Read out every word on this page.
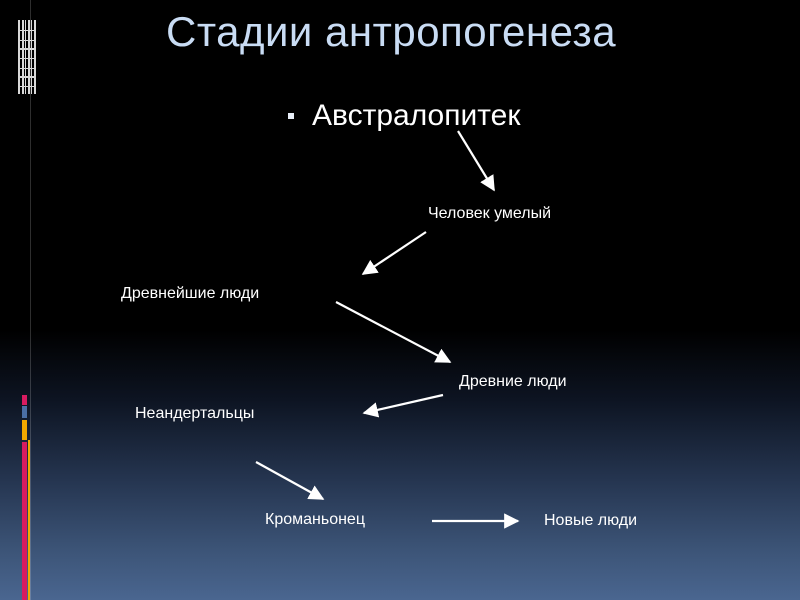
Стадии антропогенеза
Австралопитек
Человек умелый
Древнейшие люди
Древние люди
Неандертальцы
Кроманьонец	Новые люди
